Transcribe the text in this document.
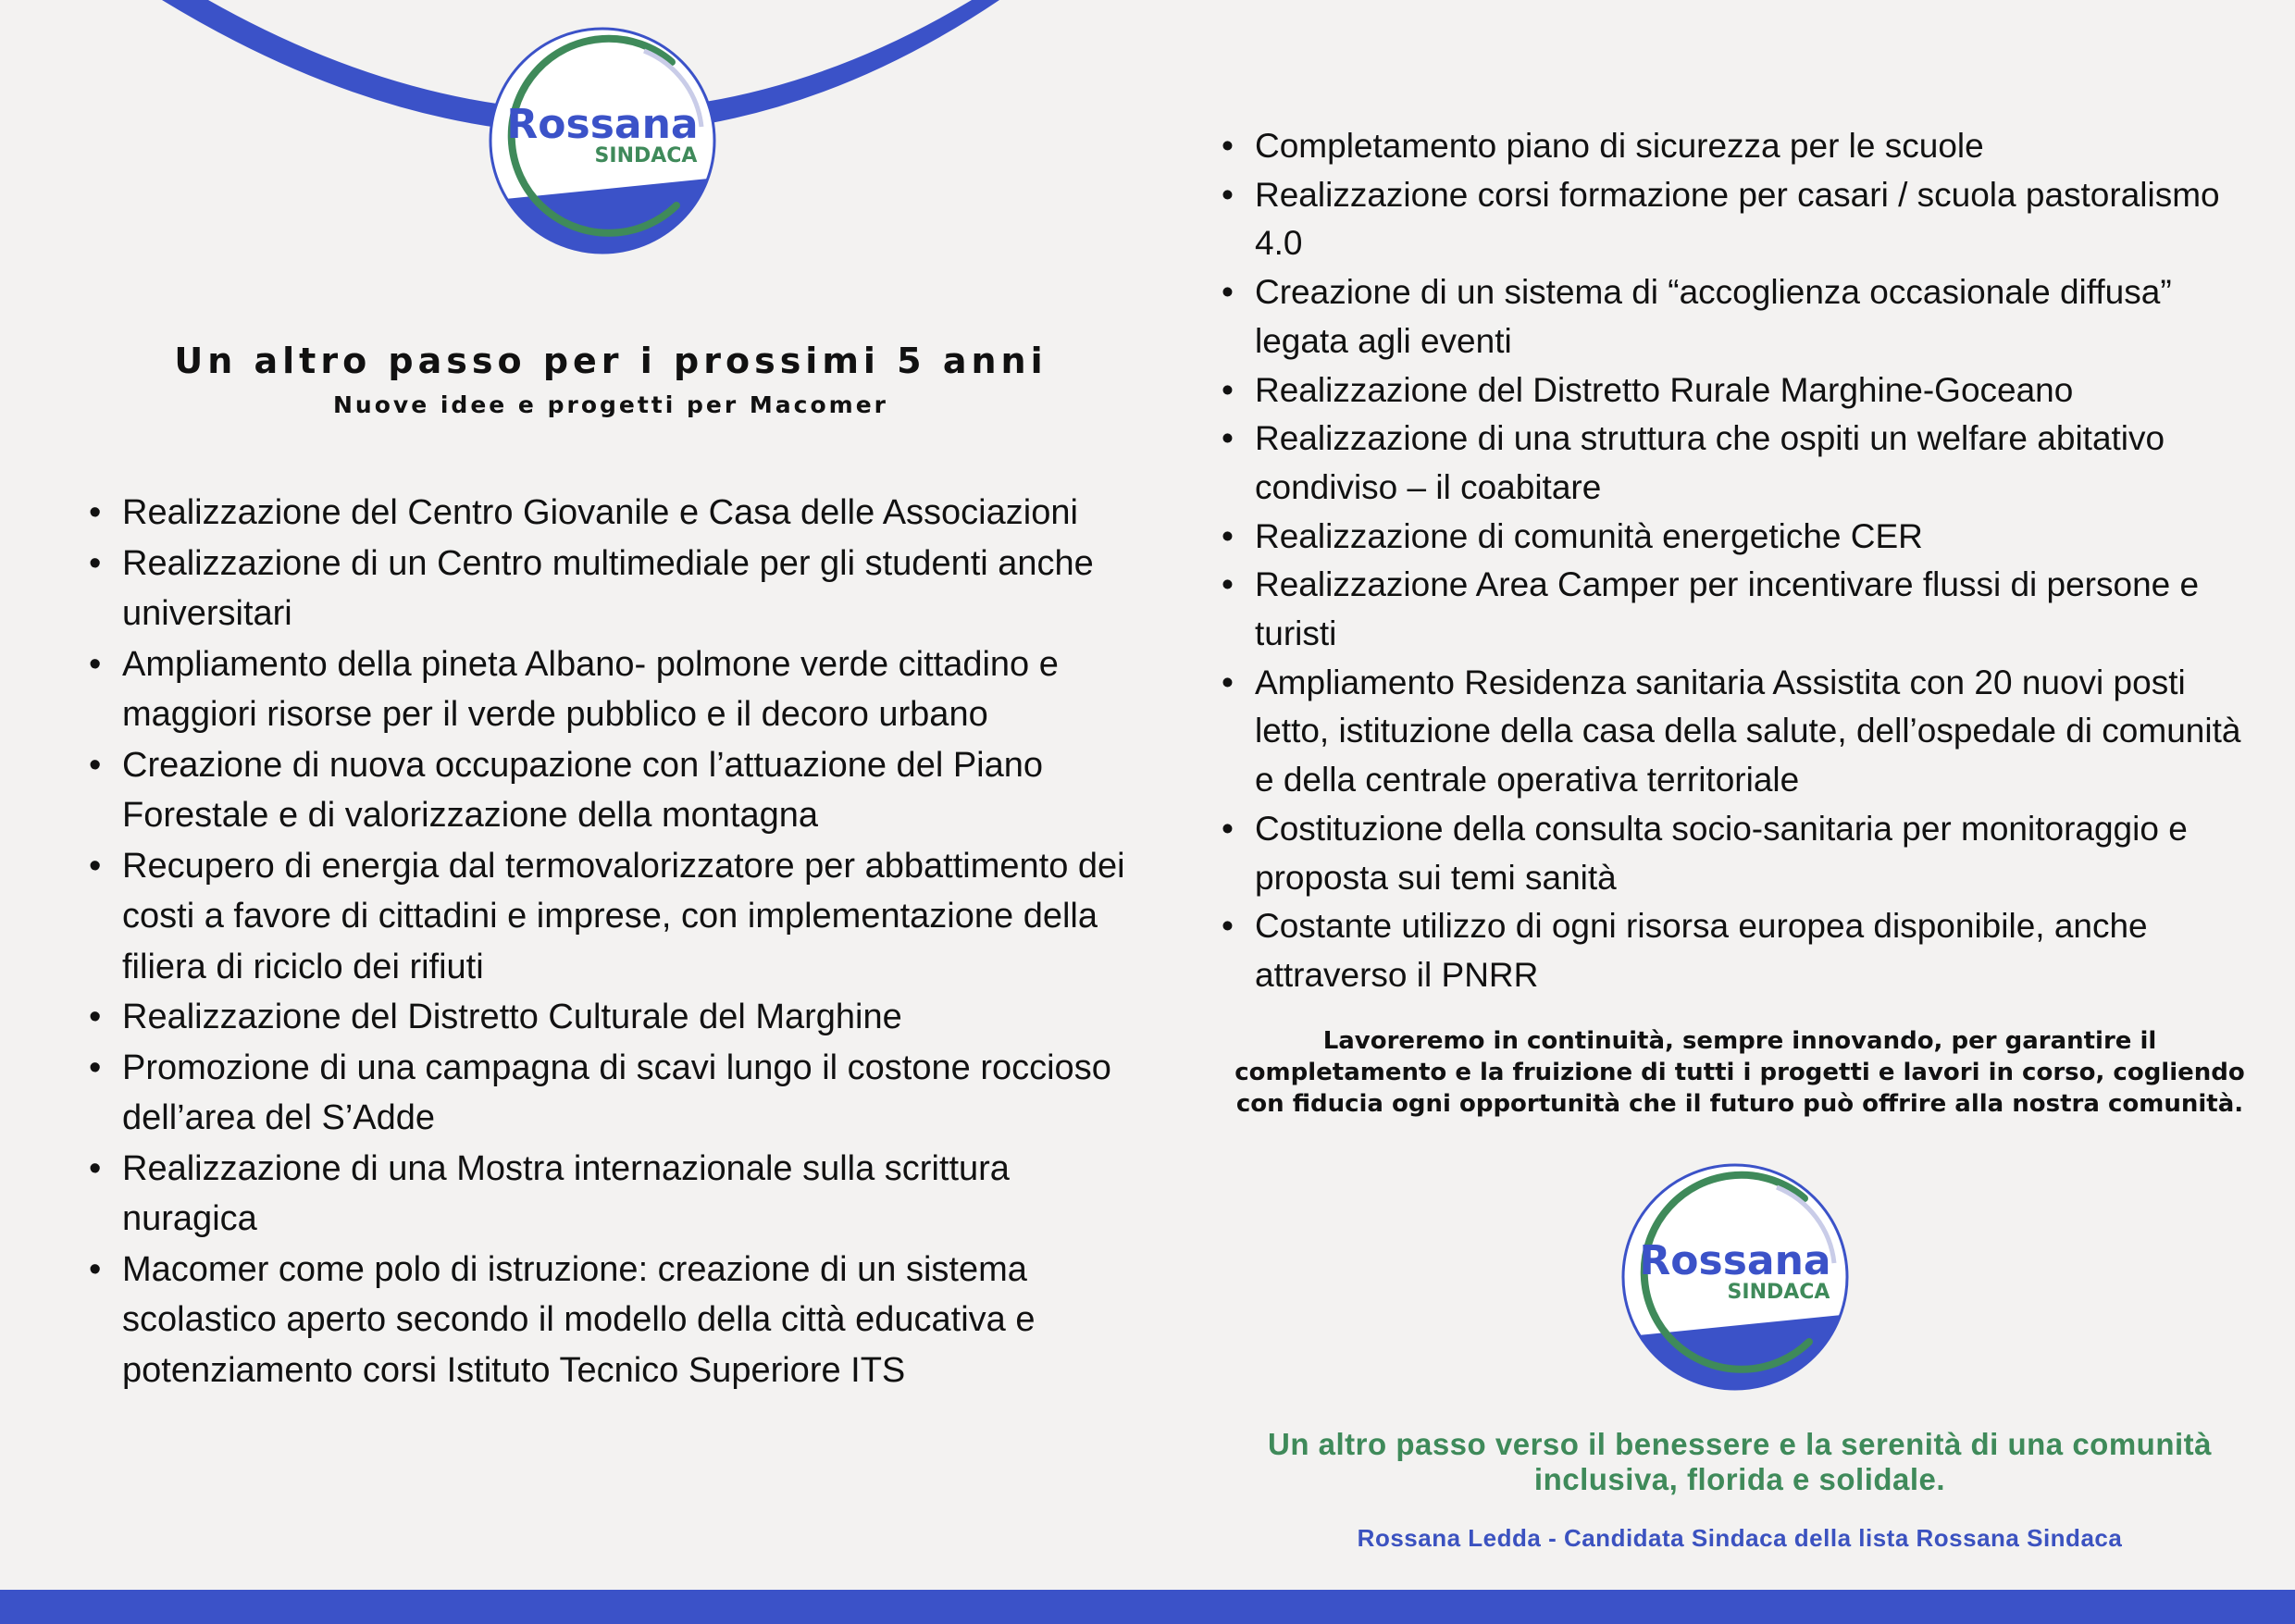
Rossana
SINDACA
Un altro passo per i prossimi 5 anni
Nuove idee e progetti per Macomer
• Realizzazione del Centro Giovanile e Casa delle Associazioni
• Realizzazione di un Centro multimediale per gli studenti anche universitari
• Ampliamento della pineta Albano- polmone verde cittadino e maggiori risorse per il verde pubblico e il decoro urbano
• Creazione di nuova occupazione con l’attuazione del Piano Forestale e di valorizzazione della montagna
• Recupero di energia dal termovalorizzatore per abbattimento dei costi a favore di cittadini e imprese, con implementazione della filiera di riciclo dei rifiuti
• Realizzazione del Distretto Culturale del Marghine
• Promozione di una campagna di scavi lungo il costone roccioso dell’area del S’Adde
• Realizzazione di una Mostra internazionale sulla scrittura nuragica
• Macomer come polo di istruzione: creazione di un sistema scolastico aperto secondo il modello della città educativa e potenziamento corsi Istituto Tecnico Superiore ITS
• Completamento piano di sicurezza per le scuole
• Realizzazione corsi formazione per casari / scuola pastoralismo 4.0
• Creazione di un sistema di “accoglienza occasionale diffusa” legata agli eventi
• Realizzazione del Distretto Rurale Marghine-Goceano
• Realizzazione di una struttura che ospiti un welfare abitativo condiviso – il coabitare
• Realizzazione di comunità energetiche CER
• Realizzazione Area Camper per incentivare flussi di persone e turisti
• Ampliamento Residenza sanitaria Assistita con 20 nuovi posti letto, istituzione della casa della salute, dell’ospedale di comunità e della centrale operativa territoriale
• Costituzione della consulta socio-sanitaria per monitoraggio e proposta sui temi sanità
• Costante utilizzo di ogni risorsa europea disponibile, anche attraverso il PNRR
Lavoreremo in continuità, sempre innovando, per garantire il completamento e la fruizione di tutti i progetti e lavori in corso, cogliendo con fiducia ogni opportunità che il futuro può offrire alla nostra comunità.
Rossana
SINDACA
Un altro passo verso il benessere e la serenità di una comunità inclusiva, florida e solidale.
Rossana Ledda - Candidata Sindaca della lista Rossana Sindaca
